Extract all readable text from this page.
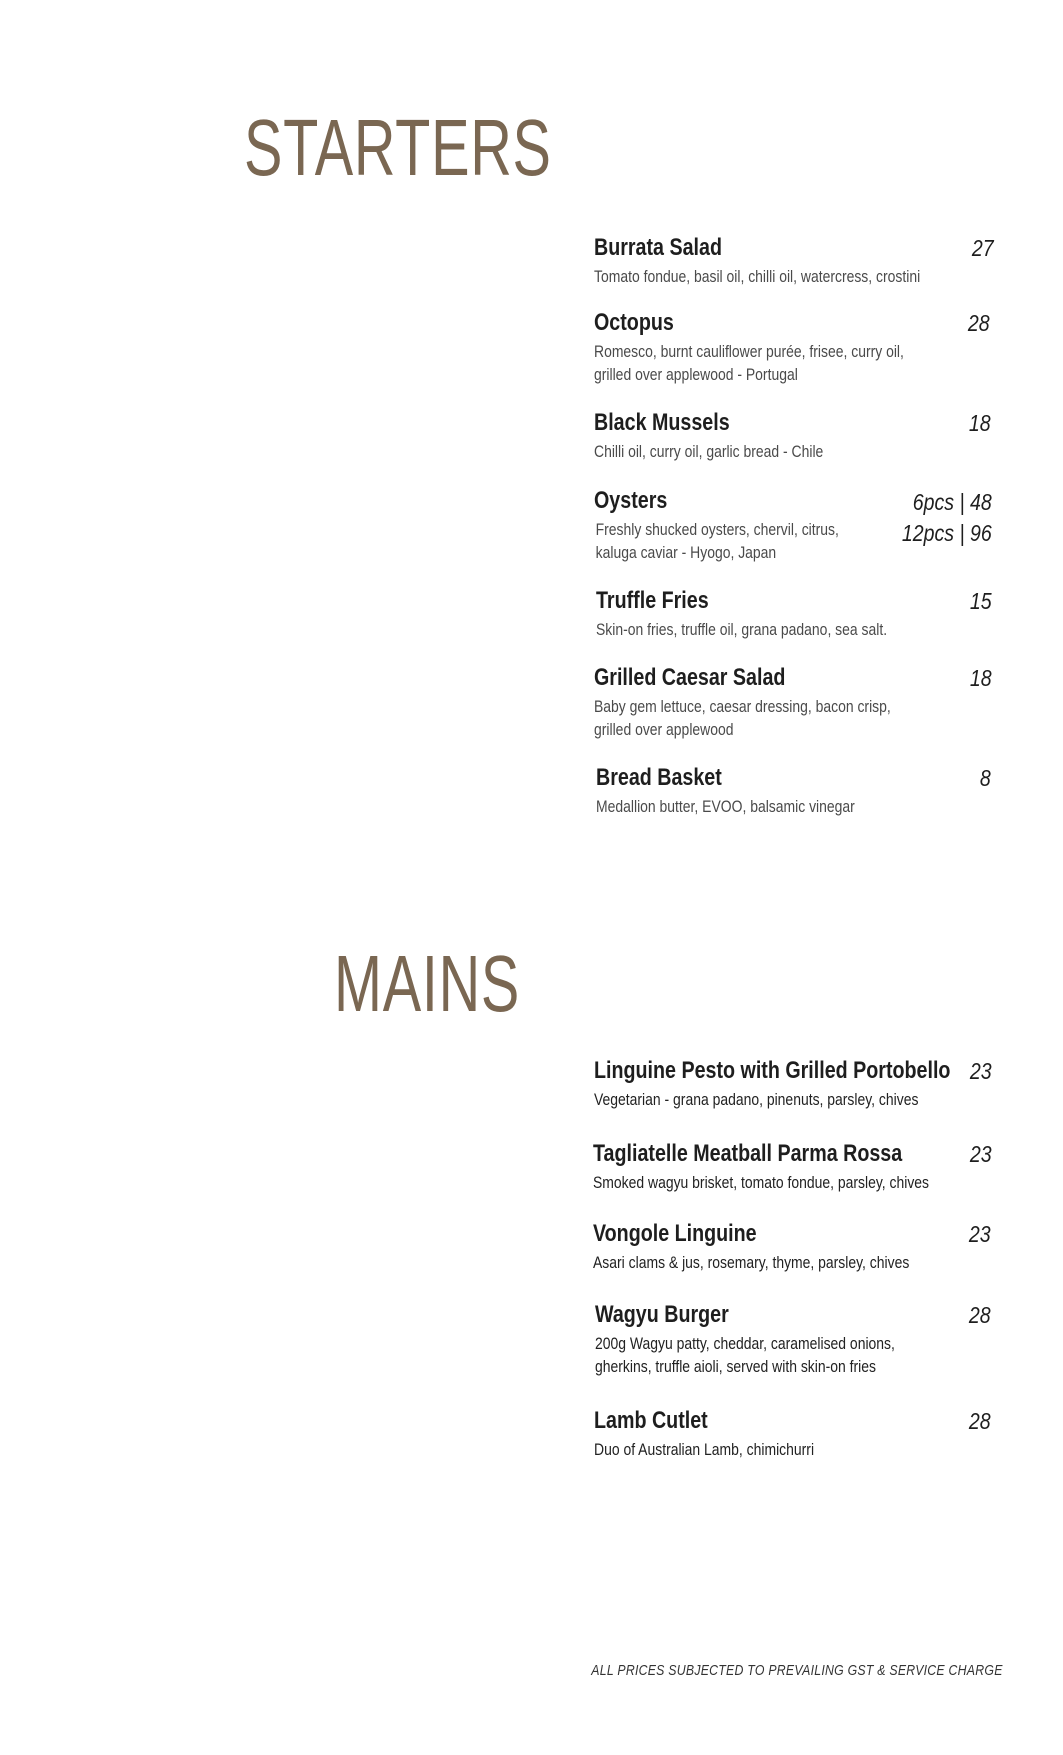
STARTERS
Burrata Salad	27
Tomato fondue, basil oil, chilli oil, watercress, crostini
Octopus	28
Romesco, burnt cauliflower purée, frisee, curry oil,
grilled over applewood - Portugal
Black Mussels	18
Chilli oil, curry oil, garlic bread - Chile
Oysters	6pcs | 48
12pcs | 96
Freshly shucked oysters, chervil, citrus,
kaluga caviar - Hyogo, Japan
Truffle Fries	15
Skin-on fries, truffle oil, grana padano, sea salt.
Grilled Caesar Salad	18
Baby gem lettuce, caesar dressing, bacon crisp,
grilled over applewood
Bread Basket	8
Medallion butter, EVOO, balsamic vinegar
MAINS
Linguine Pesto with Grilled Portobello 23
Vegetarian - grana padano, pinenuts, parsley, chives
Tagliatelle Meatball Parma Rossa	23
Smoked wagyu brisket, tomato fondue, parsley, chives
Vongole Linguine	23
Asari clams & jus, rosemary, thyme, parsley, chives
Wagyu Burger	28
200g Wagyu patty, cheddar, caramelised onions,
gherkins, truffle aioli, served with skin-on fries
Lamb Cutlet	28
Duo of Australian Lamb, chimichurri
ALL PRICES SUBJECTED TO PREVAILING GST & SERVICE CHARGE
